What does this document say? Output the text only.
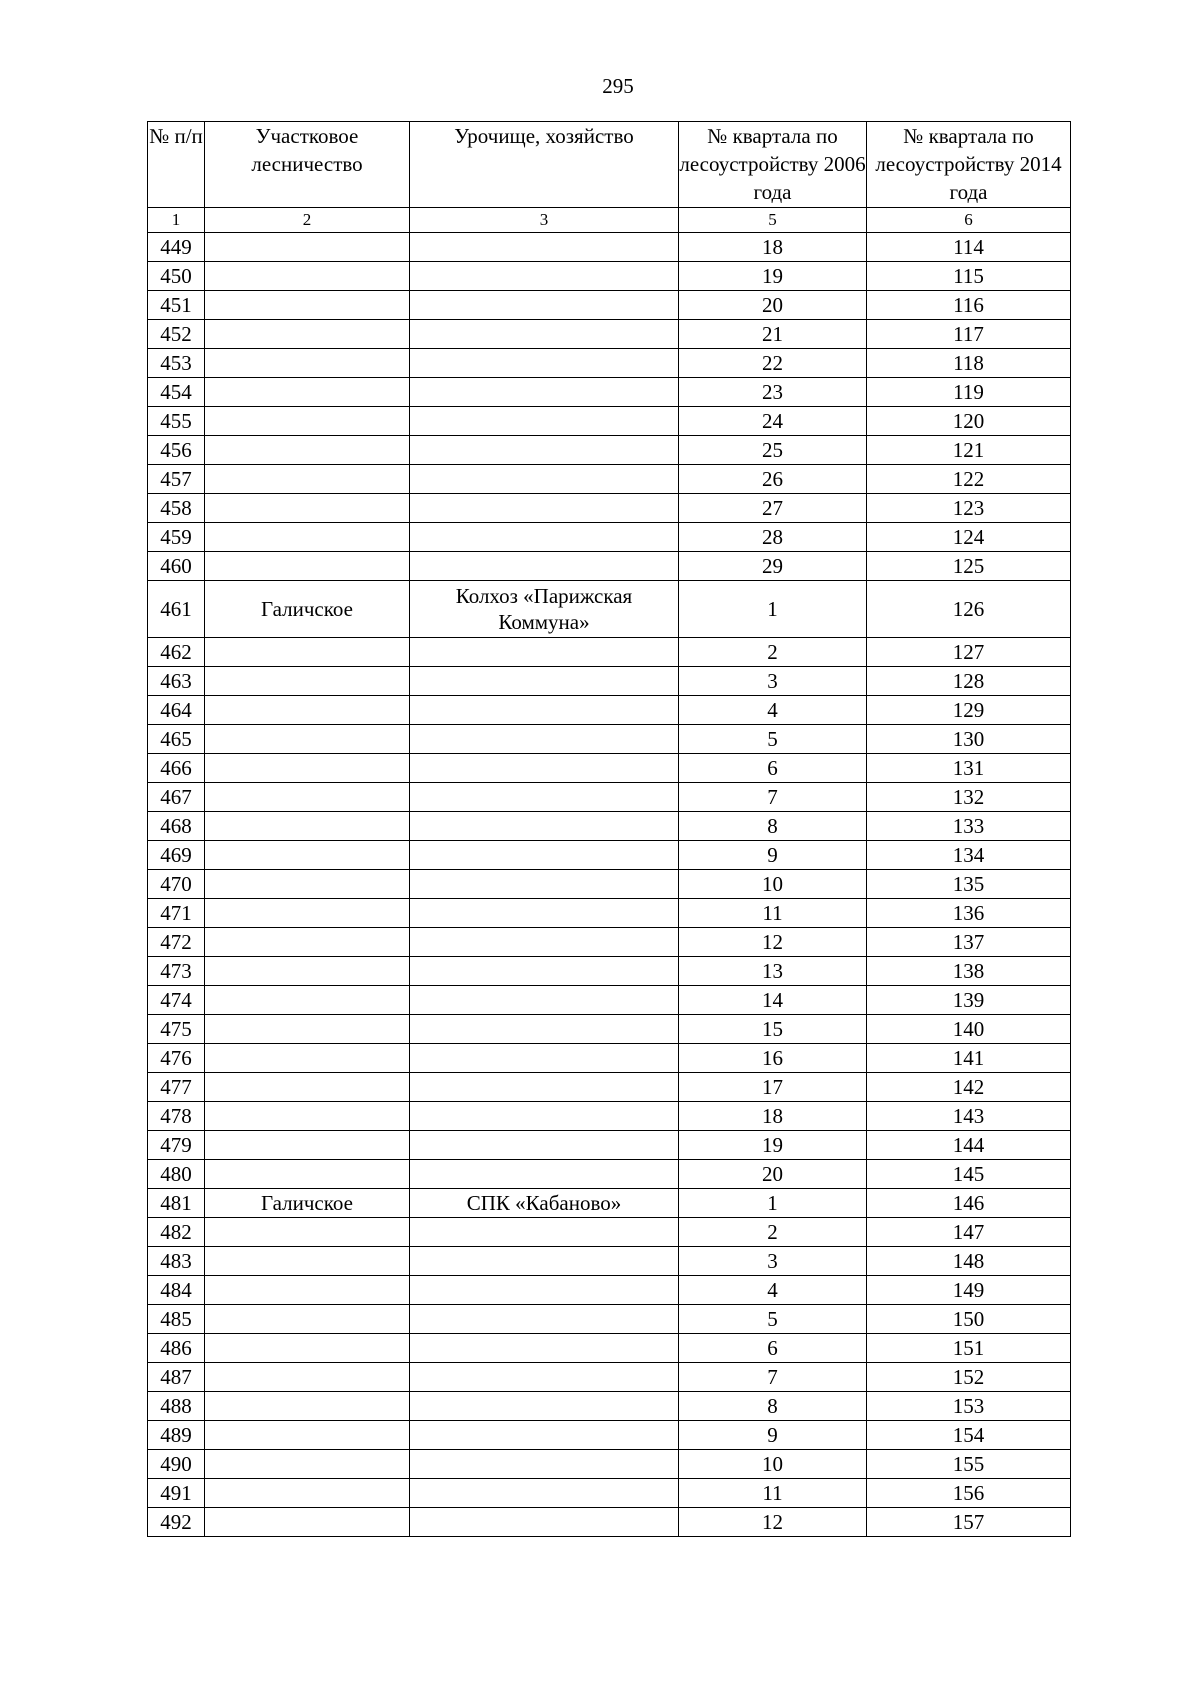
295
№ п/п	Участковое лесничество	Урочище, хозяйство	№ квартала по лесоустройству 2006 года	№ квартала по лесоустройству 2014 года
1	2	3	5	6
449			18	114
450			19	115
451			20	116
452			21	117
453			22	118
454			23	119
455			24	120
456			25	121
457			26	122
458			27	123
459			28	124
460			29	125
461	Галичское	Колхоз «Парижская Коммуна»	1	126
462			2	127
463			3	128
464			4	129
465			5	130
466			6	131
467			7	132
468			8	133
469			9	134
470			10	135
471			11	136
472			12	137
473			13	138
474			14	139
475			15	140
476			16	141
477			17	142
478			18	143
479			19	144
480			20	145
481	Галичское	СПК «Кабаново»	1	146
482			2	147
483			3	148
484			4	149
485			5	150
486			6	151
487			7	152
488			8	153
489			9	154
490			10	155
491			11	156
492			12	157
